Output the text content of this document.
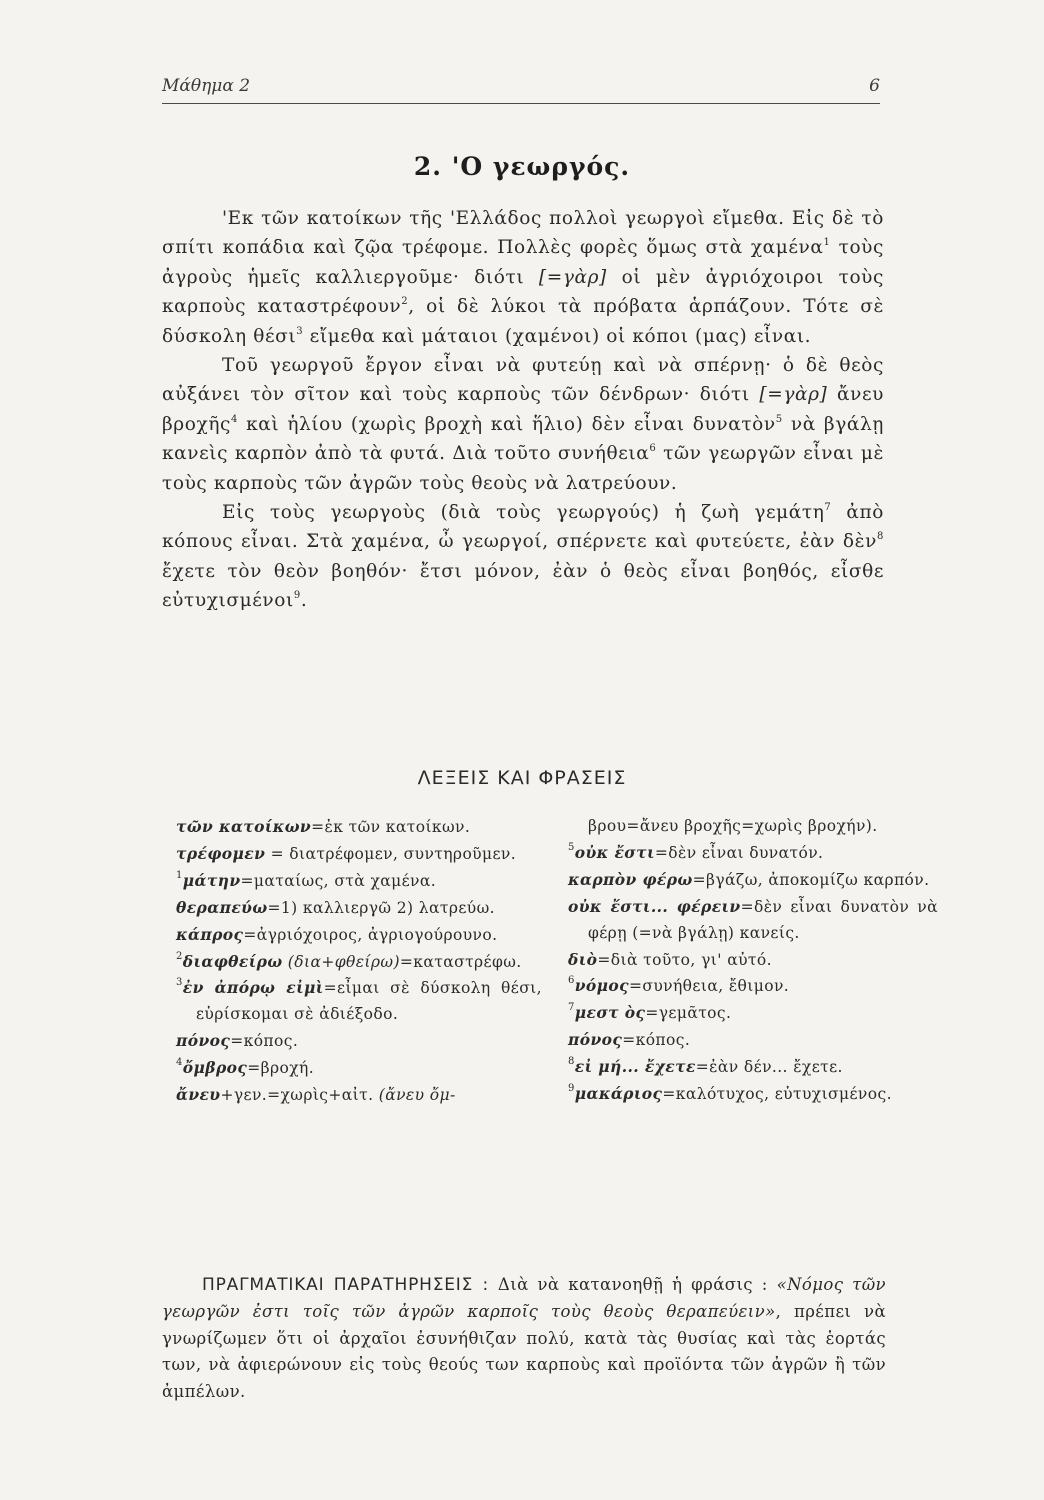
Μάθημα 2	6
2. 'Ο γεωργός.

'Εκ τῶν κατοίκων τῆς 'Ελλάδος πολλοὶ γεωργοὶ εἴμεθα. Εἰς δὲ τὸ σπίτι κοπάδια καὶ ζῷα τρέφομε. Πολλὲς φορὲς ὅμως στὰ χαμένα$^1$ τοὺς ἀγροὺς ἡμεῖς καλλιεργοῦμε· διότι [=γὰρ] οἱ μὲν ἀγριόχοιροι τοὺς καρποὺς καταστρέφουν$^2$, οἱ δὲ λύκοι τὰ πρόβατα ἁρπάζουν. Τότε σὲ δύσκολη θέσι$^3$ εἴμεθα καὶ μάταιοι (χαμένοι) οἱ κόποι (μας) εἶναι.

Τοῦ γεωργοῦ ἔργον εἶναι νὰ φυτεύῃ καὶ νὰ σπέρνῃ· ὁ δὲ θεὸς αὐξάνει τὸν σῖτον καὶ τοὺς καρποὺς τῶν δένδρων· διότι [=γὰρ] ἄνευ βροχῆς$^4$ καὶ ἡλίου (χωρὶς βροχὴ καὶ ἥλιο) δὲν εἶναι δυνατὸν$^5$ νὰ βγάλῃ κανεὶς καρπὸν ἀπὸ τὰ φυτά. Διὰ τοῦτο συνήθεια$^6$ τῶν γεωργῶν εἶναι μὲ τοὺς καρποὺς τῶν ἀγρῶν τοὺς θεοὺς νὰ λατρεύουν.

Εἰς τοὺς γεωργοὺς (διὰ τοὺς γεωργούς) ἡ ζωὴ γεμάτη$^7$ ἀπὸ κόπους εἶναι. Στὰ χαμένα, ὦ γεωργοί, σπέρνετε καὶ φυτεύετε, ἐὰν δὲν$^8$ ἔχετε τὸν θεὸν βοηθόν· ἔτσι μόνον, ἐὰν ὁ θεὸς εἶναι βοηθός, εἶσθε εὐτυχισμένοι$^9$.

ΛΕΞΕΙΣ ΚΑΙ ΦΡΑΣΕΙΣ
τῶν κατοίκων=ἐκ τῶν κατοίκων.
τρέφομεν = διατρέφομεν, συντηροῦμεν.
$^1$μάτην=ματαίως, στὰ χαμένα.
θεραπεύω=1) καλλιεργῶ 2) λατρεύω.
κάπρος=ἀγριόχοιρος, ἀγριογούρουνο.
$^2$διαφθείρω (δια+φθείρω)=καταστρέφω.
$^3$ἐν ἀπόρῳ εἰμὶ=εἶμαι σὲ δύσκολη θέσι, εὑρίσκομαι σὲ ἀδιέξοδο.
πόνος=κόπος.
$^4$ὄμβρος=βροχή.
ἄνευ+γεν.=χωρὶς+αἰτ. (ἄνευ ὄμ-
βρου=ἄνευ βροχῆς=χωρὶς βροχήν).
$^5$οὐκ ἔστι=δὲν εἶναι δυνατόν.
καρπὸν φέρω=βγάζω, ἀποκομίζω καρπόν.
οὐκ ἔστι... φέρειν=δὲν εἶναι δυνατὸν νὰ φέρῃ (=νὰ βγάλῃ) κανείς.
διὸ=διὰ τοῦτο, γι' αὐτό.
$^6$νόμος=συνήθεια, ἔθιμον.
$^7$μεστ ὸς=γεμᾶτος.
πόνος=κόπος.
$^8$εἰ μή... ἔχετε=ἐὰν δέν... ἔχετε.
$^9$μακάριος=καλότυχος, εὐτυχισμένος.

ΠΡΑΓΜΑΤΙΚΑΙ ΠΑΡΑΤΗΡΗΣΕΙΣ : Διὰ νὰ κατανοηθῇ ἡ φράσις : «Νόμος τῶν γεωργῶν ἐστι τοῖς τῶν ἀγρῶν καρποῖς τοὺς θεοὺς θεραπεύειν», πρέπει νὰ γνωρίζωμεν ὅτι οἱ ἀρχαῖοι ἐσυνήθιζαν πολύ, κατὰ τὰς θυσίας καὶ τὰς ἑορτάς των, νὰ ἀφιερώνουν εἰς τοὺς θεούς των καρποὺς καὶ προϊόντα τῶν ἀγρῶν ἢ τῶν ἀμπέλων.
